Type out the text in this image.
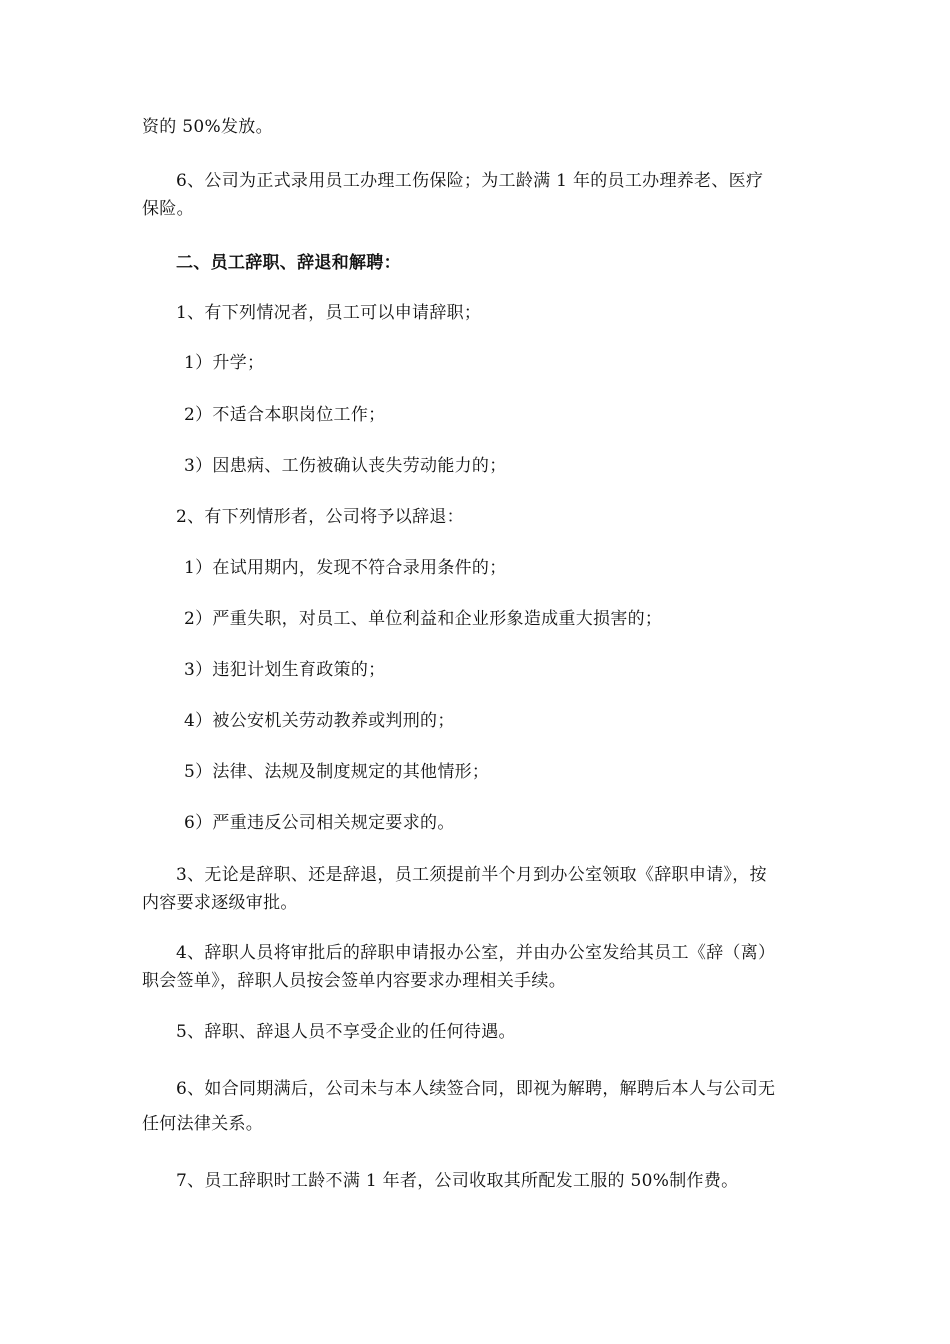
资的 50%发放。
6、公司为正式录用员工办理工伤保险；为工龄满 1 年的员工办理养老、医疗
保险。
二、员工辞职、辞退和解聘：
1、有下列情况者，员工可以申请辞职；
1）升学；
2）不适合本职岗位工作；
3）因患病、工伤被确认丧失劳动能力的；
2、有下列情形者，公司将予以辞退：
1）在试用期内，发现不符合录用条件的；
2）严重失职，对员工、单位利益和企业形象造成重大损害的；
3）违犯计划生育政策的；
4）被公安机关劳动教养或判刑的；
5）法律、法规及制度规定的其他情形；
6）严重违反公司相关规定要求的。
3、无论是辞职、还是辞退，员工须提前半个月到办公室领取《辞职申请》，按
内容要求逐级审批。
4、辞职人员将审批后的辞职申请报办公室，并由办公室发给其员工《辞（离）
职会签单》，辞职人员按会签单内容要求办理相关手续。
5、辞职、辞退人员不享受企业的任何待遇。
6、如合同期满后，公司未与本人续签合同，即视为解聘，解聘后本人与公司无
任何法律关系。
7、员工辞职时工龄不满 1 年者，公司收取其所配发工服的 50%制作费。
